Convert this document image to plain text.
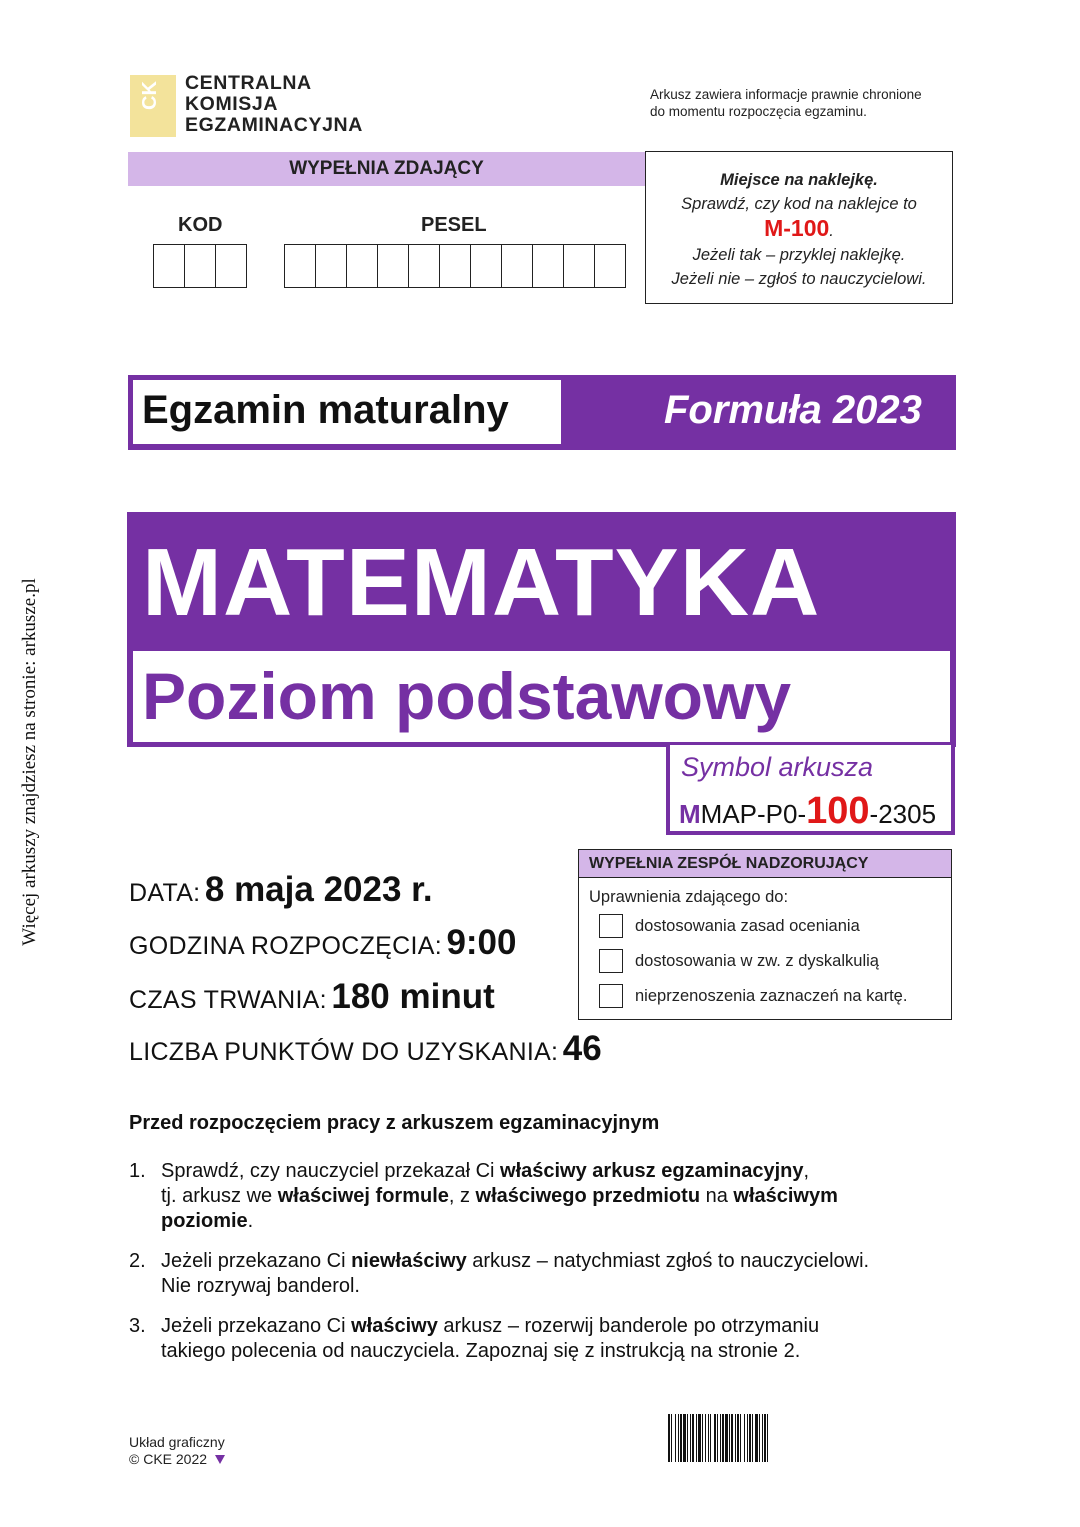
Więcej arkuszy znajdziesz na stronie: arkusze.pl
CK CENTRALNA
KOMISJA
EGZAMINACYJNA
Arkusz zawiera informacje prawnie chronione
do momentu rozpoczęcia egzaminu.
WYPEŁNIA ZDAJĄCY
KOD	PESEL
Miejsce na naklejkę.
Sprawdź, czy kod na naklejce to
M-100.
Jeżeli tak – przyklej naklejkę.
Jeżeli nie – zgłoś to nauczycielowi.
Egzamin maturalny	Formuła 2023
MATEMATYKA
Poziom podstawowy
Symbol arkusza
MMAP-P0-100-2305
DATA: 8 maja 2023 r.
GODZINA ROZPOCZĘCIA: 9:00
CZAS TRWANIA: 180 minut
LICZBA PUNKTÓW DO UZYSKANIA: 46
WYPEŁNIA ZESPÓŁ NADZORUJĄCY
Uprawnienia zdającego do:
dostosowania zasad oceniania
dostosowania w zw. z dyskalkulią
nieprzenoszenia zaznaczeń na kartę.
Przed rozpoczęciem pracy z arkuszem egzaminacyjnym
1. Sprawdź, czy nauczyciel przekazał Ci właściwy arkusz egzaminacyjny,
tj. arkusz we właściwej formule, z właściwego przedmiotu na właściwym
poziomie.
2. Jeżeli przekazano Ci niewłaściwy arkusz – natychmiast zgłoś to nauczycielowi.
Nie rozrywaj banderol.
3. Jeżeli przekazano Ci właściwy arkusz – rozerwij banderole po otrzymaniu
takiego polecenia od nauczyciela. Zapoznaj się z instrukcją na stronie 2.
Układ graficzny
© CKE 2022
